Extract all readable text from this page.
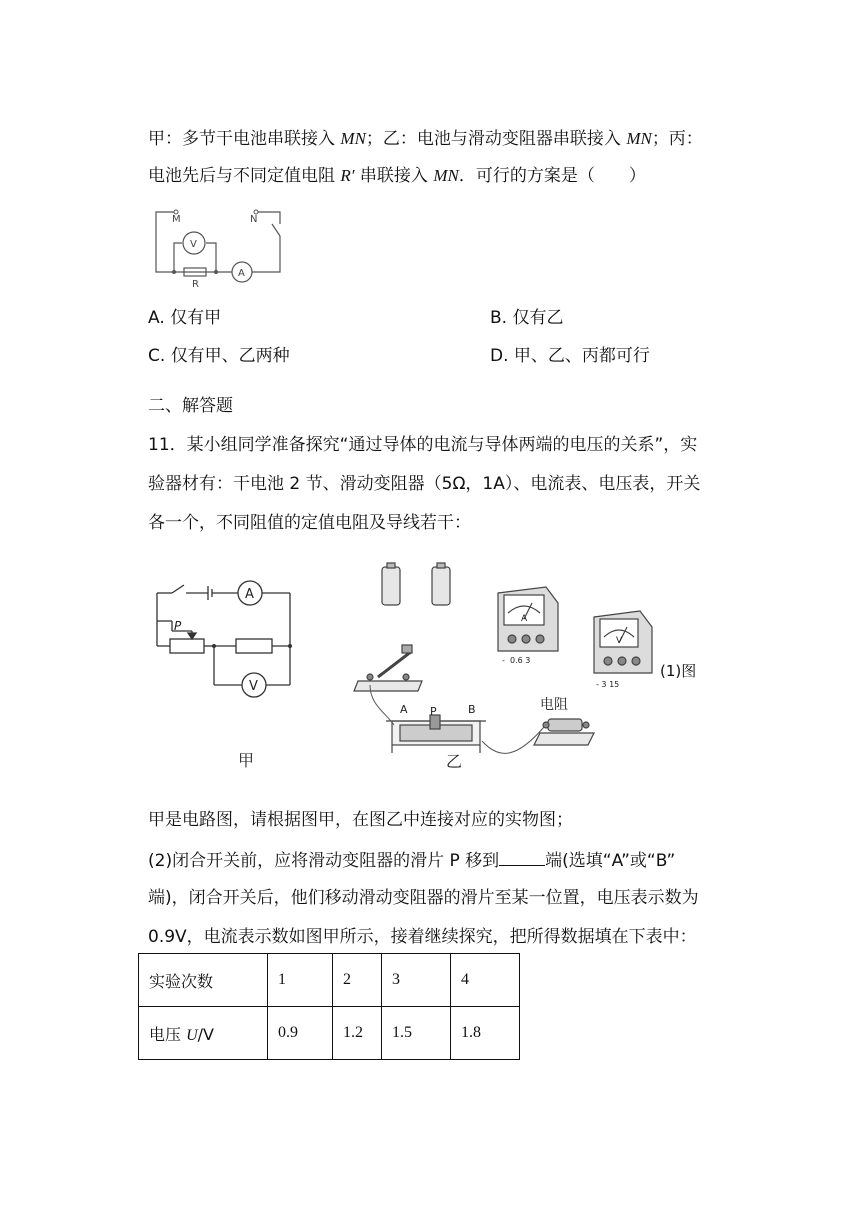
甲：多节干电池串联接入 MN；乙：电池与滑动变阻器串联接入 MN；丙：
电池先后与不同定值电阻 R′ 串联接入 MN．可行的方案是（　　）
M	N
V
R
A
A. 仅有甲	B. 仅有乙
C. 仅有甲、乙两种	D. 甲、乙、丙都可行
二、解答题
11．某小组同学准备探究“通过导体的电流与导体两端的电压的关系”，实
验器材有：干电池 2 节、滑动变阻器（5Ω，1A）、电流表、电压表，开关
各一个，不同阻值的定值电阻及导线若干：
P
A
V
甲
A
- 0.6 3
V
- 3 15
(1)图
A P	B
乙
电阻
甲是电路图，请根据图甲，在图乙中连接对应的实物图；
(2)闭合开关前，应将滑动变阻器的滑片 P 移到	端(选填“A”或“B”
端)，闭合开关后，他们移动滑动变阻器的滑片至某一位置，电压表示数为
0.9V，电流表示数如图甲所示，接着继续探究，把所得数据填在下表中：
实验次数	1	2	3	4
电压 U/V	0.9	1.2	1.5	1.8
